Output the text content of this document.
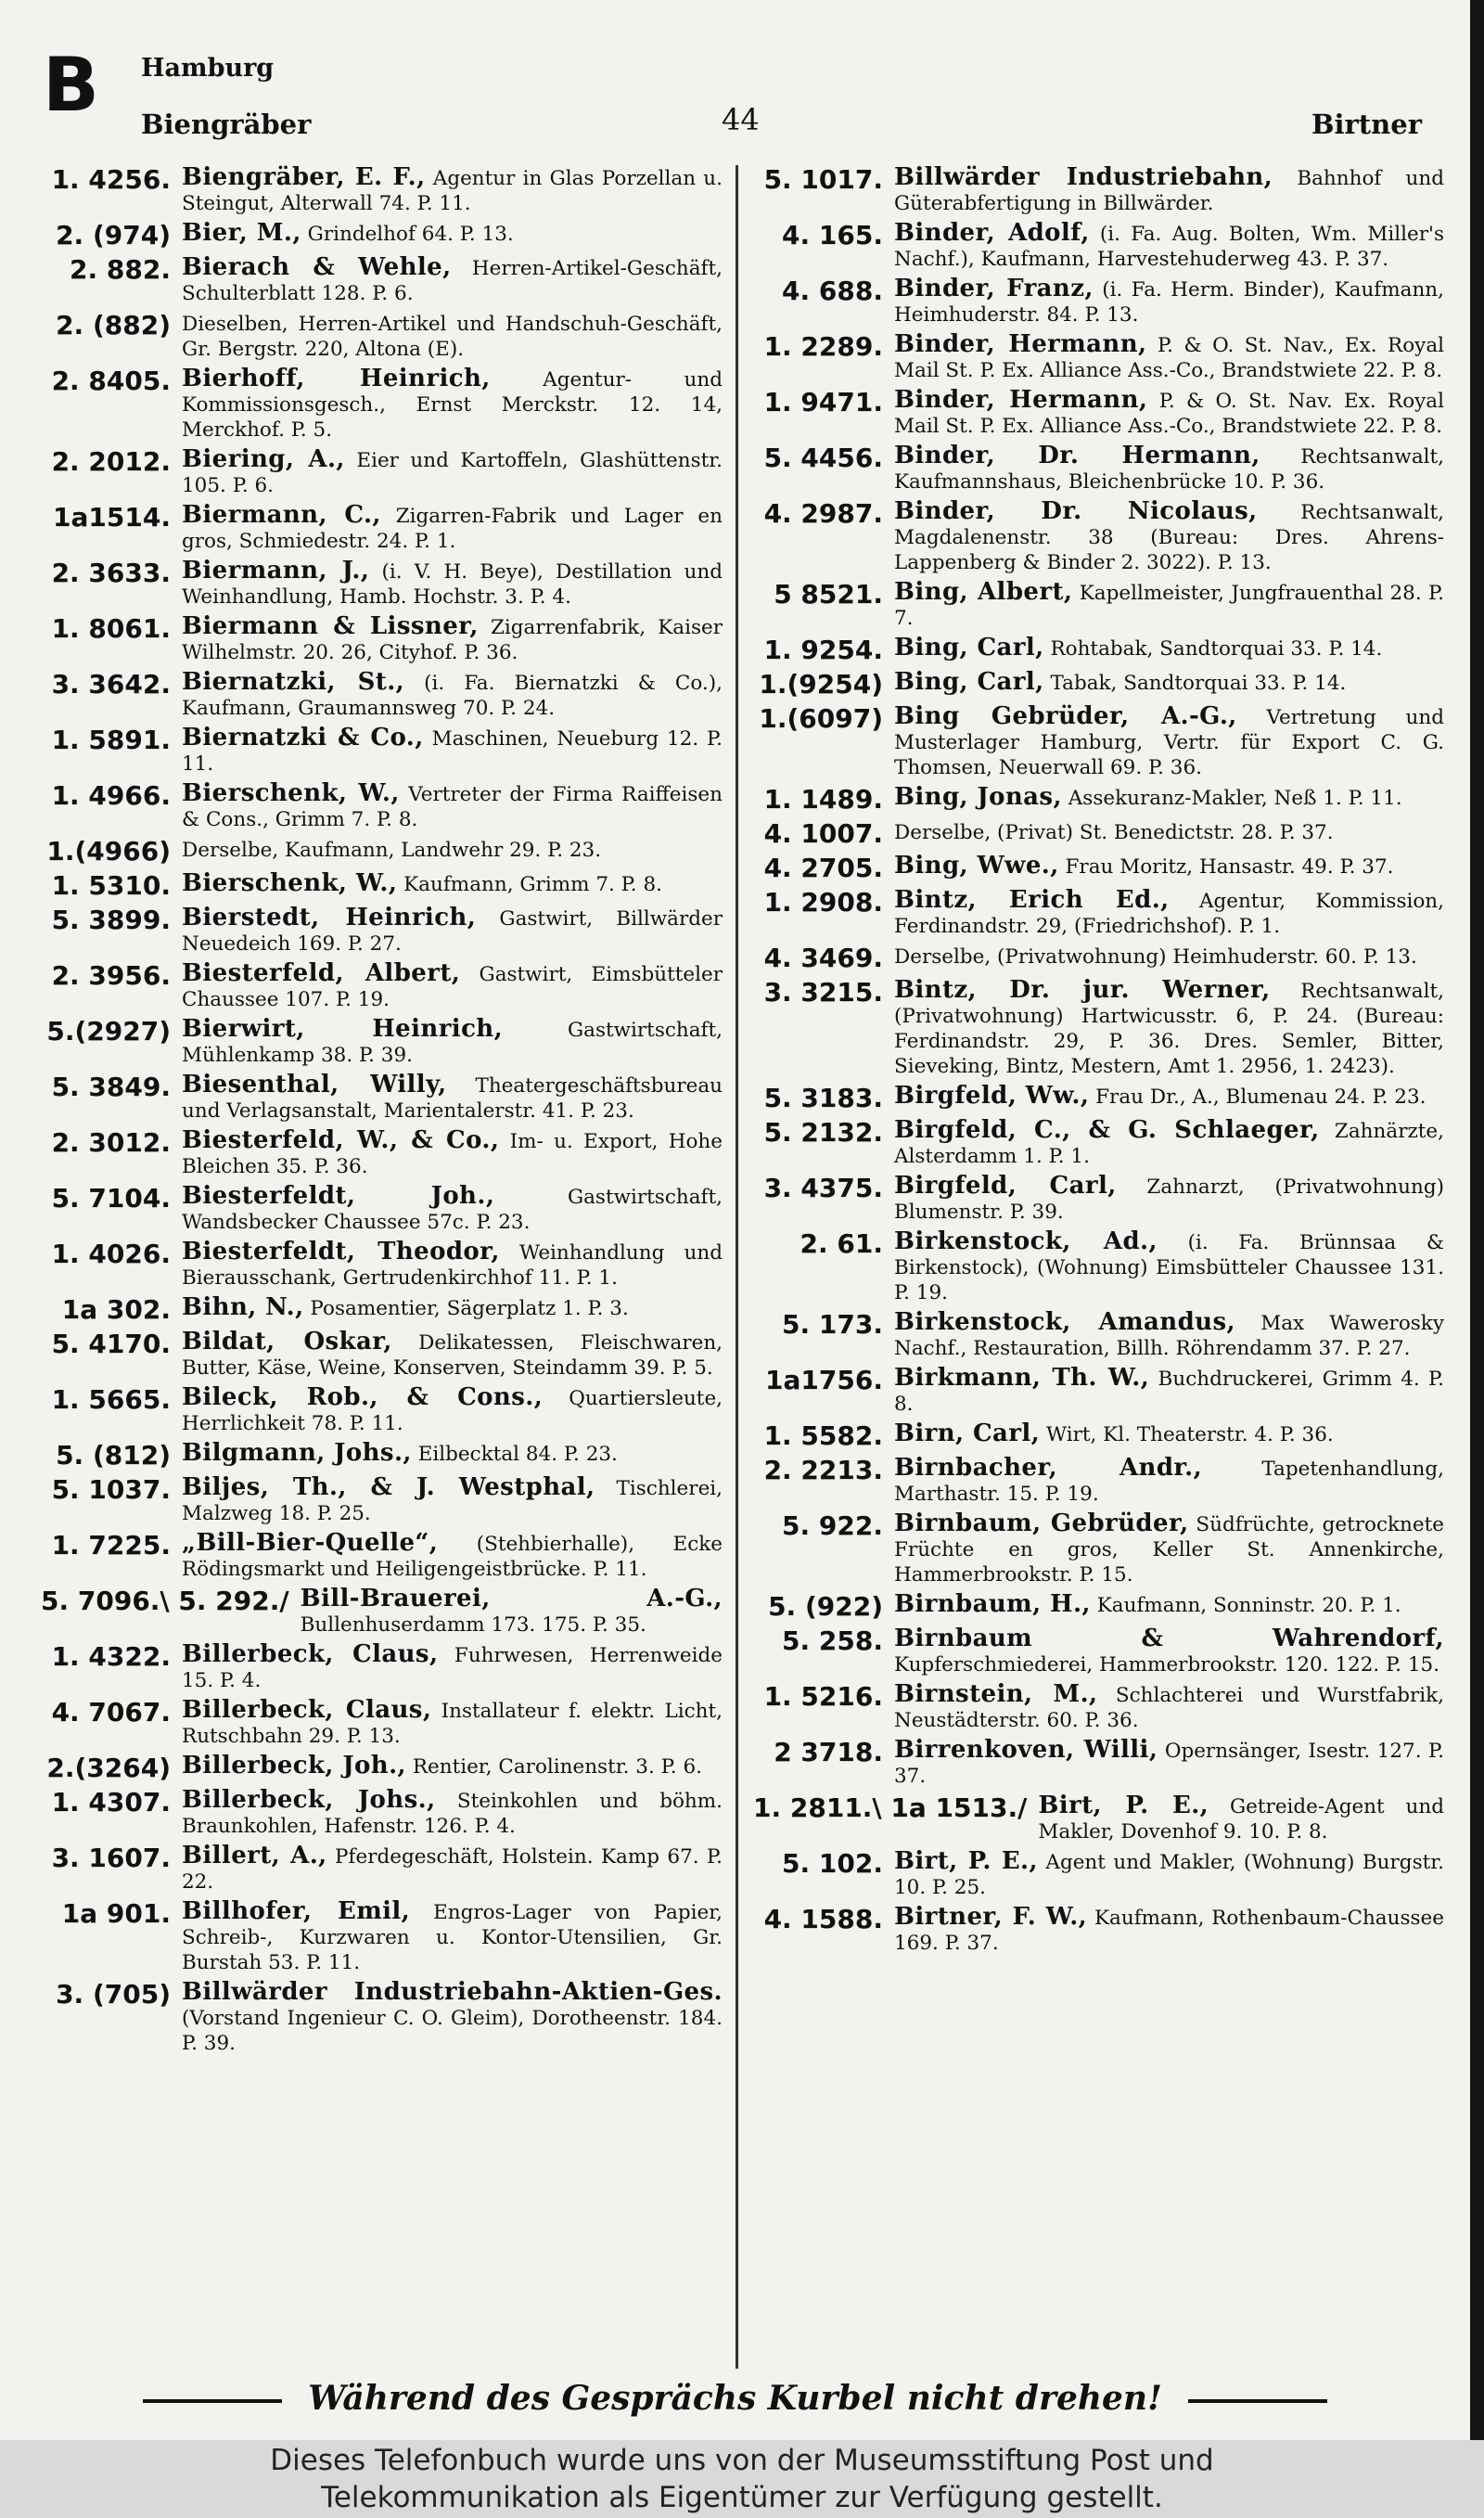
B Hamburg
Biengräber	44	Birtner
1. 4256. Biengräber, E. F., Agentur in Glas Porzellan u. Steingut, Alterwall 74. P. 11.
2. (974) Bier, M., Grindelhof 64. P. 13.
2. 882. Bierach & Wehle, Herren-Artikel-Geschäft, Schulterblatt 128. P. 6.
2. (882) Dieselben, Herren-Artikel und Handschuh-Geschäft, Gr. Bergstr. 220, Altona (E).
2. 8405. Bierhoff, Heinrich,	Agentur- und Kommissionsgesch., Ernst Merckstr. 12. 14, Merckhof. P. 5.
2. 2012. Biering, A., Eier und Kartoffeln, Glashüttenstr. 105. P. 6.
1a1514. Biermann, C., Zigarren-Fabrik und Lager en gros, Schmiedestr. 24. P. 1.
2. 3633. Biermann, J., (i. V. H. Beye), Destillation und Weinhandlung, Hamb. Hochstr. 3. P. 4.
1. 8061. Biermann & Lissner, Zigarrenfabrik, Kaiser Wilhelmstr. 20. 26, Cityhof. P. 36.
3. 3642. Biernatzki, St., (i. Fa. Biernatzki & Co.), Kaufmann, Graumannsweg 70. P. 24.
1. 5891. Biernatzki & Co., Maschinen, Neueburg 12. P. 11.
1. 4966. Bierschenk, W., Vertreter der Firma Raiffeisen & Cons., Grimm 7. P. 8.
1.(4966) Derselbe, Kaufmann, Landwehr 29. P. 23.
1. 5310. Bierschenk, W., Kaufmann, Grimm 7. P. 8.
5. 3899. Bierstedt, Heinrich, Gastwirt, Billwärder Neuedeich 169. P. 27.
2. 3956. Biesterfeld, Albert, Gastwirt, Eimsbütteler Chaussee 107. P. 19.
5.(2927) Bierwirt, Heinrich,	Gastwirtschaft, Mühlenkamp 38. P. 39.
5. 3849. Biesenthal, Willy, Theatergeschäftsbureau und Verlagsanstalt, Marientalerstr. 41. P. 23.
2. 3012. Biesterfeld, W., & Co., Im- u. Export, Hohe Bleichen 35. P. 36.
5. 7104. Biesterfeldt, Joh.,	Gastwirtschaft, Wandsbecker Chaussee 57c. P. 23.
1. 4026. Biesterfeldt, Theodor, Weinhandlung und Bierausschank, Gertrudenkirchhof 11. P. 1.
1a 302. Bihn, N., Posamentier, Sägerplatz 1. P. 3.
5. 4170. Bildat, Oskar, Delikatessen, Fleischwaren, Butter, Käse, Weine, Konserven, Steindamm 39. P. 5.
1. 5665. Bileck, Rob., & Cons., Quartiersleute, Herrlichkeit 78. P. 11.
5. (812) Bilgmann, Johs., Eilbecktal 84. P. 23.
5. 1037. Biljes, Th., & J. Westphal, Tischlerei, Malzweg 18. P. 25.
1. 7225. „Bill-Bier-Quelle“, (Stehbierhalle), Ecke Rödingsmarkt und Heiligengeistbrücke. P. 11.
5. 7096.\ 5. 292./ Bill-Brauerei, A.-G., Bullenhuserdamm 173. 175. P. 35.
1. 4322. Billerbeck, Claus, Fuhrwesen, Herrenweide 15. P. 4.
4. 7067. Billerbeck, Claus, Installateur f. elektr. Licht, Rutschbahn 29. P. 13.
2.(3264) Billerbeck, Joh., Rentier, Carolinenstr. 3. P. 6.
1. 4307. Billerbeck, Johs., Steinkohlen und böhm. Braunkohlen, Hafenstr. 126. P. 4.
3. 1607. Billert, A., Pferdegeschäft, Holstein. Kamp 67. P. 22.
1a 901. Billhofer, Emil, Engros-Lager von Papier, Schreib-, Kurzwaren u. Kontor-Utensilien, Gr. Burstah 53. P. 11.
3. (705) Billwärder Industriebahn-Aktien-Ges. (Vorstand Ingenieur C. O. Gleim), Dorotheenstr. 184. P. 39.
5. 1017. Billwärder Industriebahn, Bahnhof und Güterabfertigung in Billwärder.
4. 165. Binder, Adolf, (i. Fa. Aug. Bolten, Wm. Miller's Nachf.), Kaufmann, Harvestehuderweg 43. P. 37.
4. 688. Binder, Franz, (i. Fa. Herm. Binder), Kaufmann, Heimhuderstr. 84. P. 13.
1. 2289. Binder, Hermann, P. & O. St. Nav., Ex. Royal Mail St. P. Ex. Alliance Ass.-Co., Brandstwiete 22. P. 8.
1. 9471. Binder, Hermann, P. & O. St. Nav. Ex. Royal Mail St. P. Ex. Alliance Ass.-Co., Brandstwiete 22. P. 8.
5. 4456. Binder, Dr. Hermann, Rechtsanwalt, Kaufmannshaus, Bleichenbrücke 10. P. 36.
4. 2987. Binder, Dr. Nicolaus, Rechtsanwalt, Magdalenenstr. 38 (Bureau: Dres. Ahrens-Lappenberg & Binder 2. 3022). P. 13.
5 8521. Bing, Albert, Kapellmeister, Jungfrauenthal 28. P. 7.
1. 9254. Bing, Carl, Rohtabak, Sandtorquai 33. P. 14.
1.(9254) Bing, Carl, Tabak, Sandtorquai 33. P. 14.
1.(6097) Bing Gebrüder, A.-G., Vertretung und Musterlager Hamburg, Vertr. für Export C. G. Thomsen, Neuerwall 69. P. 36.
1. 1489. Bing, Jonas, Assekuranz-Makler, Neß 1. P. 11.
4. 1007. Derselbe, (Privat) St. Benedictstr. 28. P. 37.
4. 2705. Bing, Wwe., Frau Moritz, Hansastr. 49. P. 37.
1. 2908. Bintz, Erich Ed., Agentur, Kommission, Ferdinandstr. 29, (Friedrichshof). P. 1.
4. 3469. Derselbe, (Privatwohnung) Heimhuderstr. 60. P. 13.
3. 3215. Bintz, Dr. jur. Werner, Rechtsanwalt, (Privatwohnung) Hartwicusstr. 6, P. 24. (Bureau: Ferdinandstr. 29, P. 36. Dres. Semler, Bitter, Sieveking, Bintz, Mestern, Amt 1. 2956, 1. 2423).
5. 3183. Birgfeld, Ww., Frau Dr., A., Blumenau 24. P. 23.
5. 2132. Birgfeld, C., & G. Schlaeger, Zahnärzte, Alsterdamm 1. P. 1.
3. 4375. Birgfeld, Carl, Zahnarzt, (Privatwohnung) Blumenstr. P. 39.
2. 61. Birkenstock, Ad., (i. Fa. Brünnsaa & Birkenstock), (Wohnung) Eimsbütteler Chaussee 131. P. 19.
5. 173. Birkenstock, Amandus, Max Wawerosky Nachf., Restauration, Billh. Röhrendamm 37. P. 27.
1a1756. Birkmann, Th. W., Buchdruckerei, Grimm 4. P. 8.
1. 5582. Birn, Carl, Wirt, Kl. Theaterstr. 4. P. 36.
2. 2213. Birnbacher, Andr.,	Tapetenhandlung, Marthastr. 15. P. 19.
5. 922. Birnbaum, Gebrüder, Südfrüchte, getrocknete Früchte en gros, Keller St. Annenkirche, Hammerbrookstr. P. 15.
5. (922) Birnbaum, H., Kaufmann, Sonninstr. 20. P. 1.
5. 258. Birnbaum & Wahrendorf, Kupferschmiederei, Hammerbrookstr. 120. 122. P. 15.
1. 5216. Birnstein, M., Schlachterei und Wurstfabrik, Neustädterstr. 60. P. 36.
2 3718. Birrenkoven, Willi, Opernsänger, Isestr. 127. P. 37.
1. 2811.\ 1a 1513./ Birt, P. E., Getreide-Agent und Makler, Dovenhof 9. 10. P. 8.
5. 102. Birt, P. E., Agent und Makler, (Wohnung) Burgstr. 10. P. 25.
4. 1588. Birtner, F. W., Kaufmann, Rothenbaum-Chaussee 169. P. 37.
Während des Gesprächs Kurbel nicht drehen!
Dieses Telefonbuch wurde uns von der Museumsstiftung Post und
Telekommunikation als Eigentümer zur Verfügung gestellt.
